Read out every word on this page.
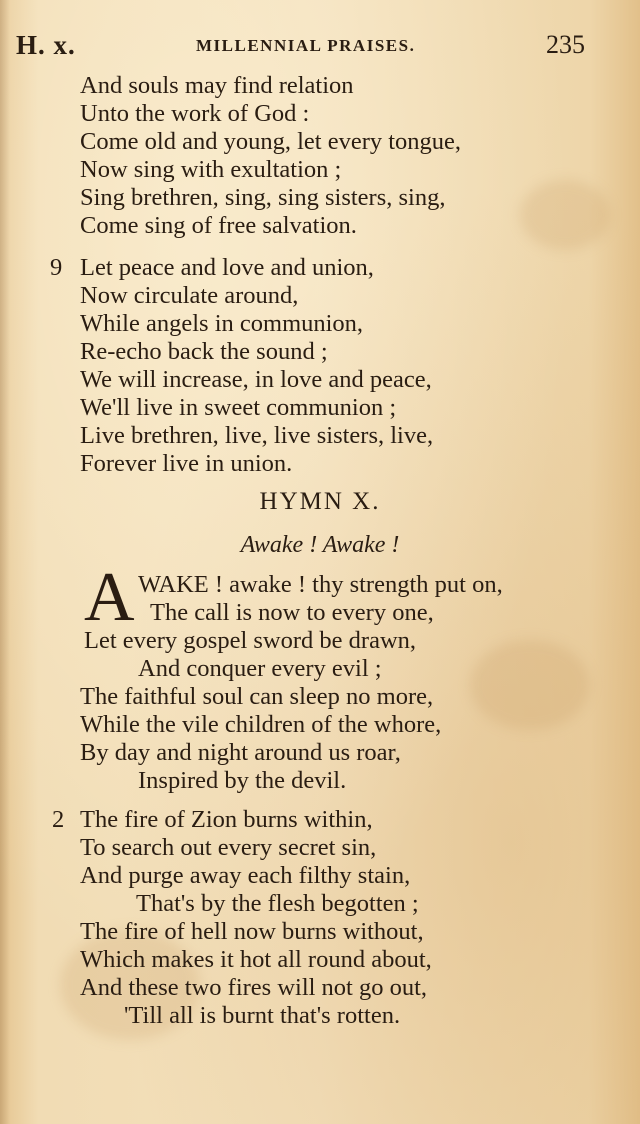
H. x.	MILLENNIAL PRAISES.	235
And souls may find relation
Unto the work of God :
Come old and young, let every tongue,
Now sing with exultation ;
Sing brethren, sing, sing sisters, sing,
Come sing of free salvation.
9 Let peace and love and union,
Now circulate around,
While angels in communion,
Re-echo back the sound ;
We will increase, in love and peace,
We'll live in sweet communion ;
Live brethren, live, live sisters, live,
Forever live in union.
HYMN X.
Awake ! Awake !
A WAKE ! awake ! thy strength put on,
The call is now to every one,
Let every gospel sword be drawn,
And conquer every evil ;
The faithful soul can sleep no more,
While the vile children of the whore,
By day and night around us roar,
Inspired by the devil.
2 The fire of Zion burns within,
To search out every secret sin,
And purge away each filthy stain,
That's by the flesh begotten ;
The fire of hell now burns without,
Which makes it hot all round about,
And these two fires will not go out,
'Till all is burnt that's rotten.
